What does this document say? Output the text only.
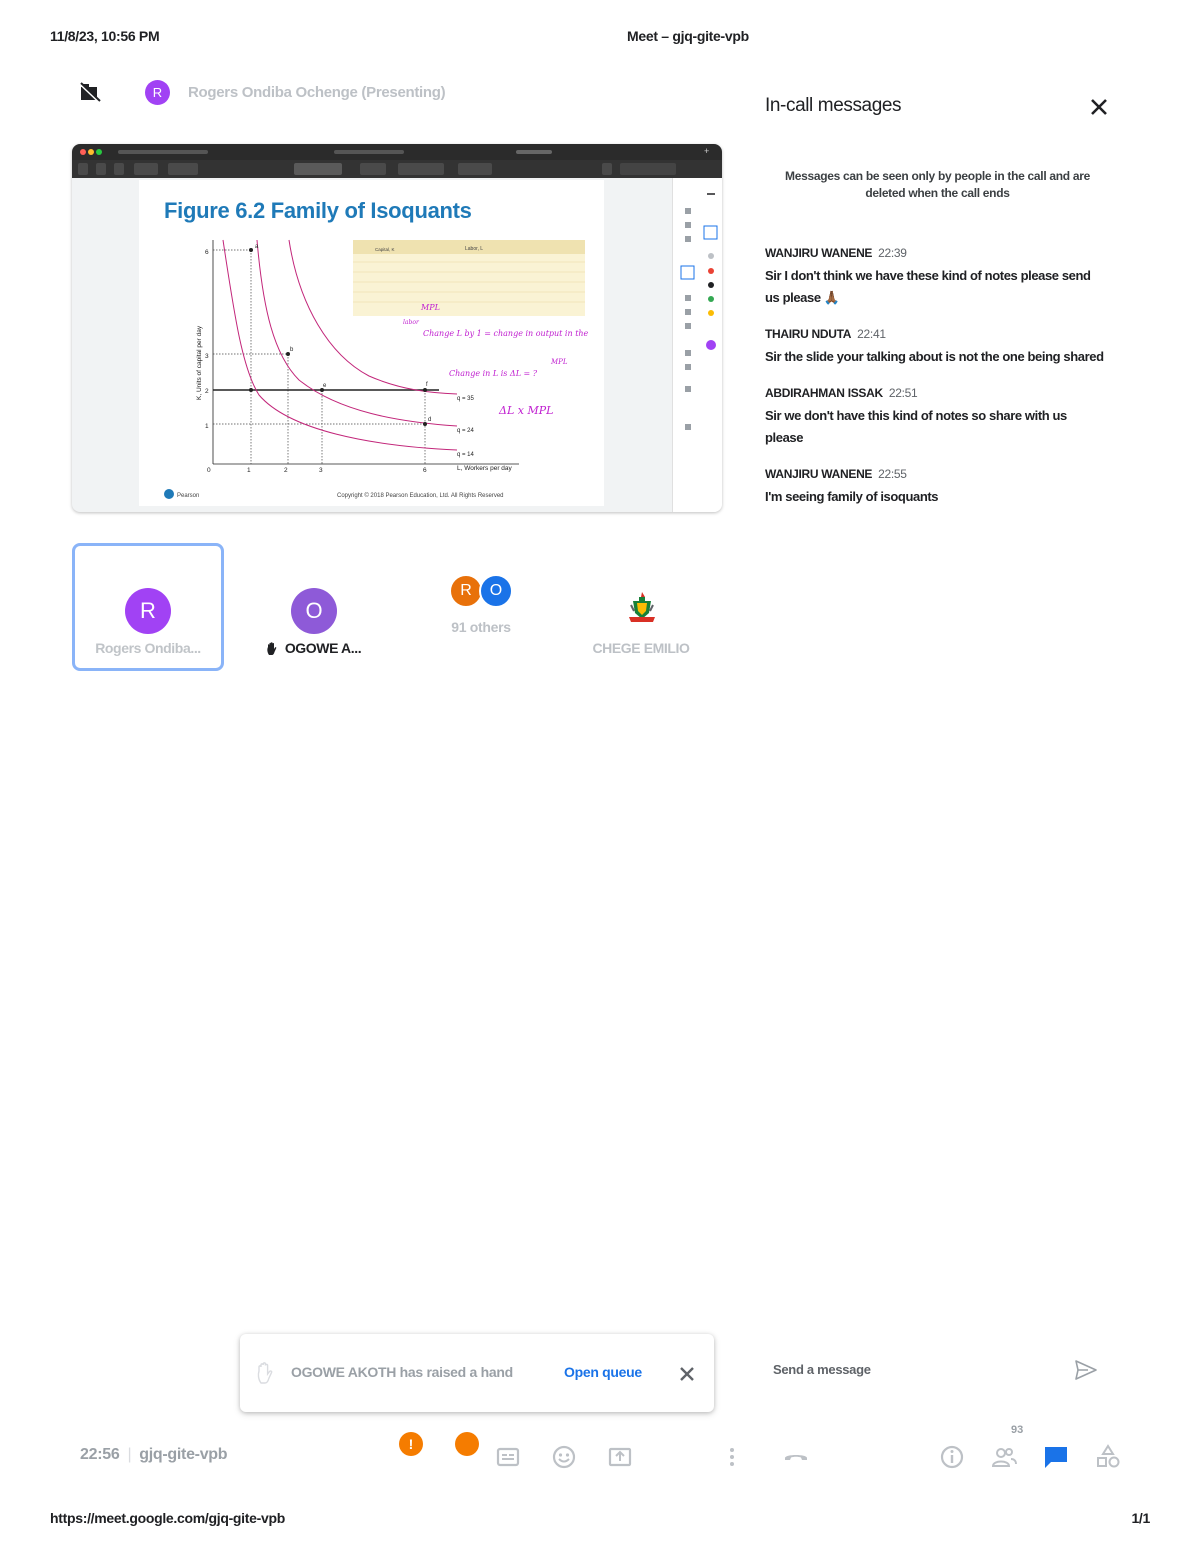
11/8/23, 10:56 PM	Meet – gjq-gite-vpb
R	Rogers Ondiba Ochenge (Presenting)
+
Figure 6.2 Family of Isoquants
K, Units of capital per day
L, Workers per day
1
2
3
6
0	1	2	3	6
a
b
e	f
d
q = 35
q = 24
q = 14
Labor, L
Capital, K
MPL
labor
Change L by 1 = change in output in the
Change in L is ΔL = ?
MPL
ΔL x MPL
Pearson	Copyright © 2018 Pearson Education, Ltd. All Rights Reserved
R
Rogers Ondiba...
O
OGOWE A...
R	O
91 others
CHEGE EMILIO
In-call messages
Messages can be seen only by people in the call and are deleted when the call ends
WANJIRU WANENE 22:39
Sir I don't think we have these kind of notes please send us please 🙏🏾
THAIRU NDUTA 22:41
Sir the slide your talking about is not the one being shared
ABDIRAHMAN ISSAK 22:51
Sir we don't have this kind of notes so share with us please
WANJIRU WANENE 22:55
I'm seeing family of isoquants
Send a message
OGOWE AKOTH has raised a hand	Open queue
22:56 | gjq-gite-vpb
!
93
https://meet.google.com/gjq-gite-vpb	1/1
